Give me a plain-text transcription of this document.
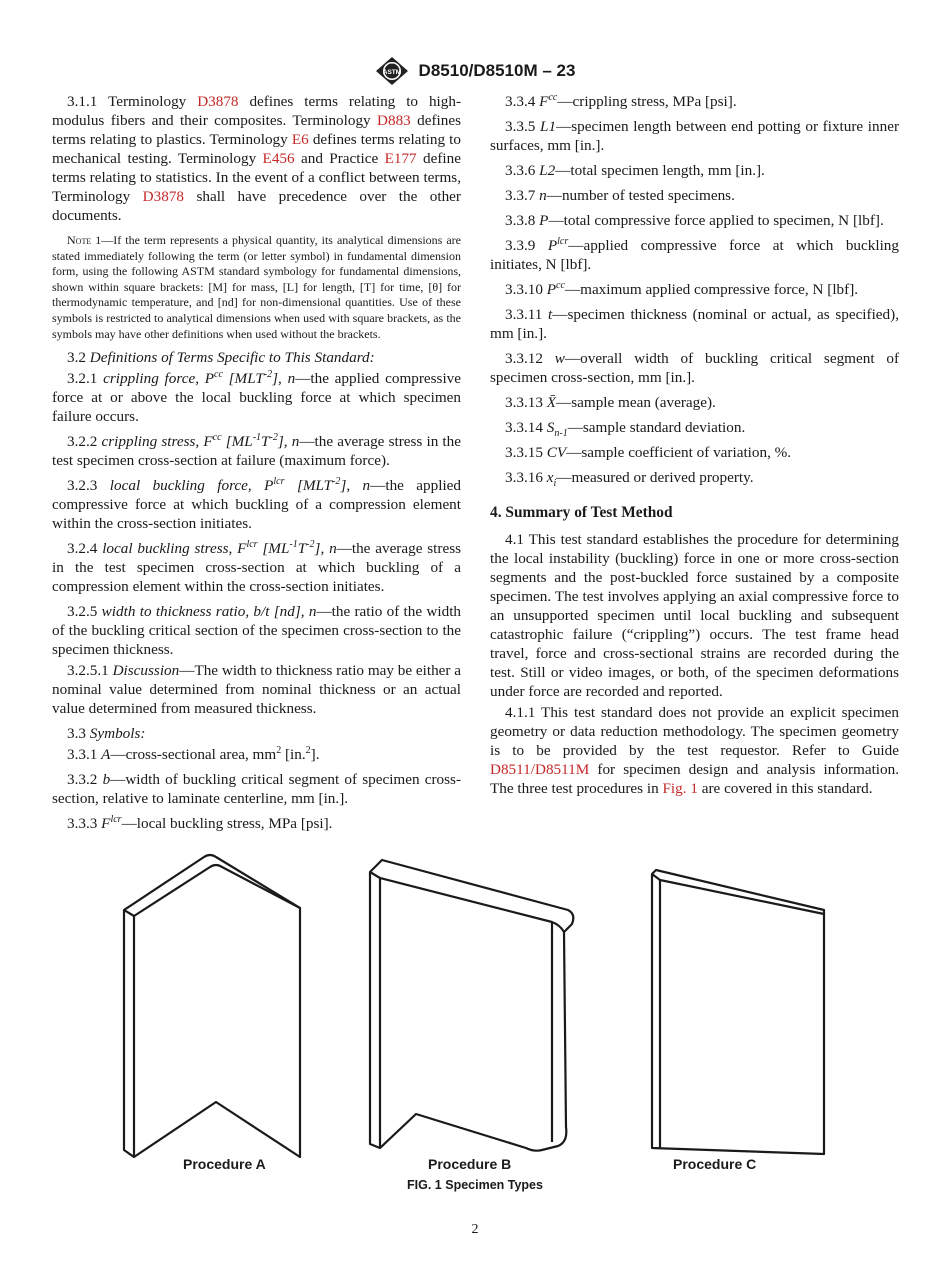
ASTM D8510/D8510M – 23

3.1.1 Terminology D3878 defines terms relating to high-modulus fibers and their composites. Terminology D883 defines terms relating to plastics. Terminology E6 defines terms relating to mechanical testing. Terminology E456 and Practice E177 define terms relating to statistics. In the event of a conflict between terms, Terminology D3878 shall have precedence over the other documents.

Note 1—If the term represents a physical quantity, its analytical dimensions are stated immediately following the term (or letter symbol) in fundamental dimension form, using the following ASTM standard symbology for fundamental dimensions, shown within square brackets: [M] for mass, [L] for length, [T] for time, [θ] for thermodynamic temperature, and [nd] for non-dimensional quantities. Use of these symbols is restricted to analytical dimensions when used with square brackets, as the symbols may have other definitions when used without the brackets.

3.2 Definitions of Terms Specific to This Standard:

3.2.1 crippling force, $P^{cc}$ $[MLT^{-2}]$, n—the applied compressive force at or above the local buckling force at which specimen failure occurs.

3.2.2 crippling stress, $F^{cc}$ $[ML^{-1}T^{-2}]$, n—the average stress in the test specimen cross-section at failure (maximum force).

3.2.3 local buckling force, $P^{lcr}$ $[MLT^{-2}]$, n—the applied compressive force at which buckling of a compression element within the cross-section initiates.

3.2.4 local buckling stress, $F^{lcr}$ $[ML^{-1}T^{-2}]$, n—the average stress in the test specimen cross-section at which buckling of a compression element within the cross-section initiates.

3.2.5 width to thickness ratio, b/t [nd], n—the ratio of the width of the buckling critical section of the specimen cross-section to the specimen thickness.

3.2.5.1 Discussion—The width to thickness ratio may be either a nominal value determined from nominal thickness or an actual value determined from measured thickness.

3.3 Symbols:

3.3.1 A—cross-sectional area, $mm^2$ [in.$^2$].

3.3.2 b—width of buckling critical segment of specimen cross-section, relative to laminate centerline, mm [in.].

3.3.3 $F^{lcr}—local$ buckling stress, MPa [psi].

3.3.4 $F^{cc}—crippling$ stress, MPa [psi].

3.3.5 L1—specimen length between end potting or fixture inner surfaces, mm [in.].

3.3.6 L2—total specimen length, mm [in.].

3.3.7 n—number of tested specimens.

3.3.8 P—total compressive force applied to specimen, N [lbf].

3.3.9 $P^{lcr}—applied$ compressive force at which buckling initiates, N [lbf].

3.3.10 $P^{cc}—maximum$ applied compressive force, N [lbf].

3.3.11 t—specimen thickness (nominal or actual, as specified), mm [in.].

3.3.12 w—overall width of buckling critical segment of specimen cross-section, mm [in.].

3.3.13 X̄—sample mean (average).

3.3.14 $S_{n-1}—sample$ standard deviation.

3.3.15 CV—sample coefficient of variation, %.

3.3.16 $x_i—measured$ or derived property.

4. Summary of Test Method

4.1 This test standard establishes the procedure for determining the local instability (buckling) force in one or more cross-section segments and the post-buckled force sustained by a composite specimen. The test involves applying an axial compressive force to an unsupported specimen until local buckling and subsequent catastrophic failure (“crippling”) occurs. The test frame head travel, force and cross-sectional strains are recorded during the test. Still or video images, or both, of the specimen deformations under force are recorded and reported.

4.1.1 This test standard does not provide an explicit specimen geometry or data reduction methodology. The specimen geometry is to be provided by the test requestor. Refer to Guide D8511/D8511M for specimen design and analysis information. The three test procedures in Fig. 1 are covered in this standard.

Procedure A	Procedure B	Procedure C
FIG. 1 Specimen Types
2
